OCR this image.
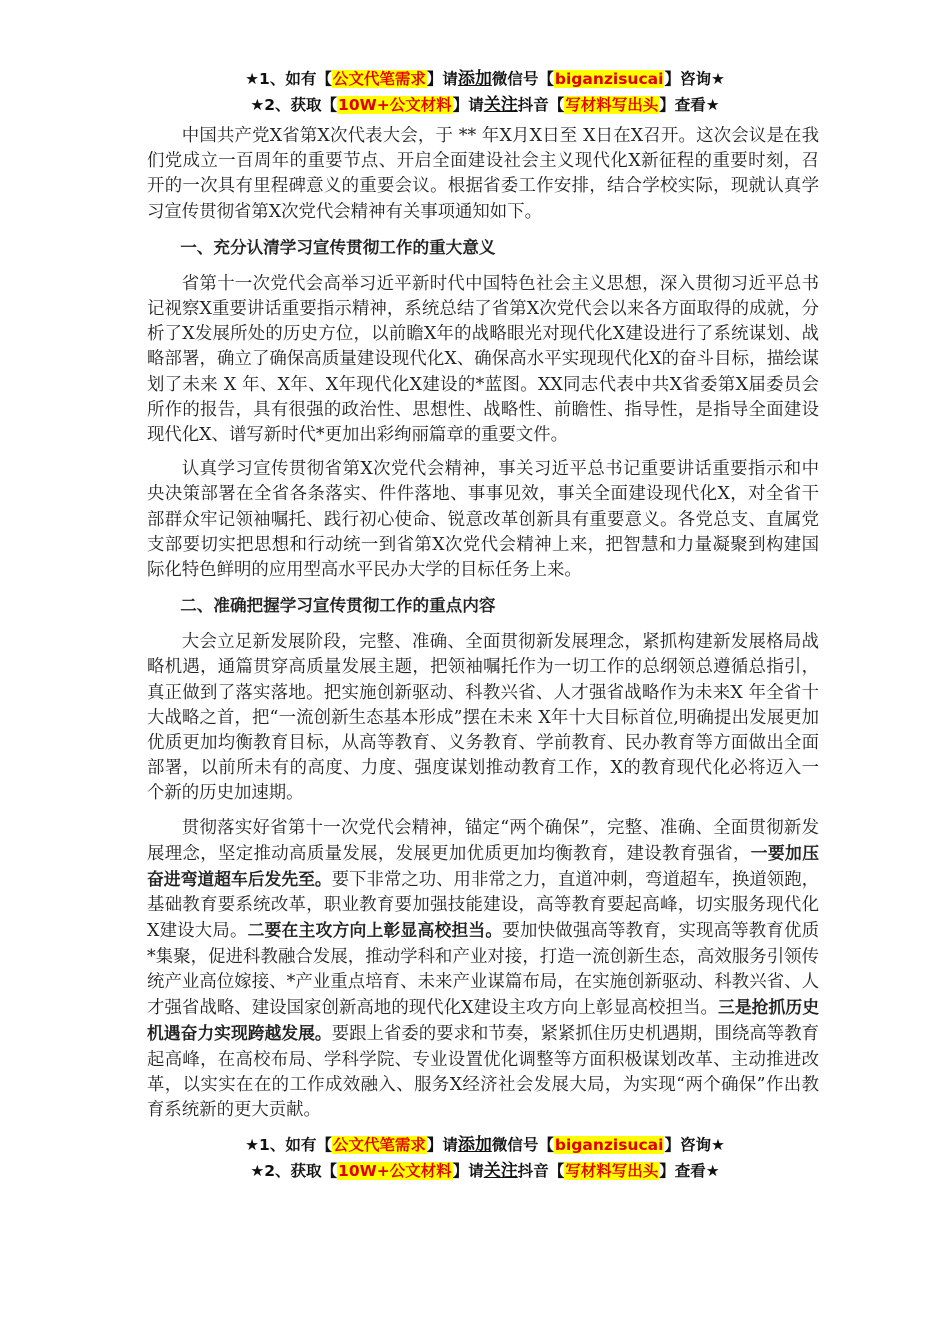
★1、如有【公文代笔需求】请添加微信号【biganzisucai】咨询★
★2、获取【10W+公文材料】请关注抖音【写材料写出头】查看★

中国共产党X省第X次代表大会，于 ** 年X月X日至 X日在X召开。这次会议是在我们党成立一百周年的重要节点、开启全面建设社会主义现代化X新征程的重要时刻，召开的一次具有里程碑意义的重要会议。根据省委工作安排，结合学校实际，现就认真学习宣传贯彻省第X次党代会精神有关事项通知如下。

一、充分认清学习宣传贯彻工作的重大意义

省第十一次党代会高举习近平新时代中国特色社会主义思想，深入贯彻习近平总书记视察X重要讲话重要指示精神，系统总结了省第X次党代会以来各方面取得的成就，分析了X发展所处的历史方位，以前瞻X年的战略眼光对现代化X建设进行了系统谋划、战略部署，确立了确保高质量建设现代化X、确保高水平实现现代化X的奋斗目标，描绘谋划了未来 X 年、X年、X年现代化X建设的*蓝图。XX同志代表中共X省委第X届委员会所作的报告，具有很强的政治性、思想性、战略性、前瞻性、指导性，是指导全面建设现代化X、谱写新时代*更加出彩绚丽篇章的重要文件。

认真学习宣传贯彻省第X次党代会精神，事关习近平总书记重要讲话重要指示和中央决策部署在全省各条落实、件件落地、事事见效，事关全面建设现代化X，对全省干部群众牢记领袖嘱托、践行初心使命、锐意改革创新具有重要意义。各党总支、直属党支部要切实把思想和行动统一到省第X次党代会精神上来，把智慧和力量凝聚到构建国际化特色鲜明的应用型高水平民办大学的目标任务上来。

二、准确把握学习宣传贯彻工作的重点内容

大会立足新发展阶段，完整、准确、全面贯彻新发展理念，紧抓构建新发展格局战略机遇，通篇贯穿高质量发展主题，把领袖嘱托作为一切工作的总纲领总遵循总指引，真正做到了落实落地。把实施创新驱动、科教兴省、人才强省战略作为未来X 年全省十大战略之首，把“一流创新生态基本形成”摆在未来 X年十大目标首位,明确提出发展更加优质更加均衡教育目标，从高等教育、义务教育、学前教育、民办教育等方面做出全面部署，以前所未有的高度、力度、强度谋划推动教育工作，X的教育现代化必将迈入一个新的历史加速期。

贯彻落实好省第十一次党代会精神，锚定“两个确保”，完整、准确、全面贯彻新发展理念，坚定推动高质量发展，发展更加优质更加均衡教育，建设教育强省，一要加压奋进弯道超车后发先至。要下非常之功、用非常之力，直道冲刺，弯道超车，换道领跑，基础教育要系统改革，职业教育要加强技能建设，高等教育要起高峰，切实服务现代化X建设大局。二要在主攻方向上彰显高校担当。要加快做强高等教育，实现高等教育优质*集聚，促进科教融合发展，推动学科和产业对接，打造一流创新生态，高效服务引领传统产业高位嫁接、*产业重点培育、未来产业谋篇布局，在实施创新驱动、科教兴省、人才强省战略、建设国家创新高地的现代化X建设主攻方向上彰显高校担当。三是抢抓历史机遇奋力实现跨越发展。要跟上省委的要求和节奏，紧紧抓住历史机遇期，围绕高等教育起高峰，在高校布局、学科学院、专业设置优化调整等方面积极谋划改革、主动推进改革，以实实在在的工作成效融入、服务X经济社会发展大局，为实现“两个确保”作出教育系统新的更大贡献。

★1、如有【公文代笔需求】请添加微信号【biganzisucai】咨询★
★2、获取【10W+公文材料】请关注抖音【写材料写出头】查看★
